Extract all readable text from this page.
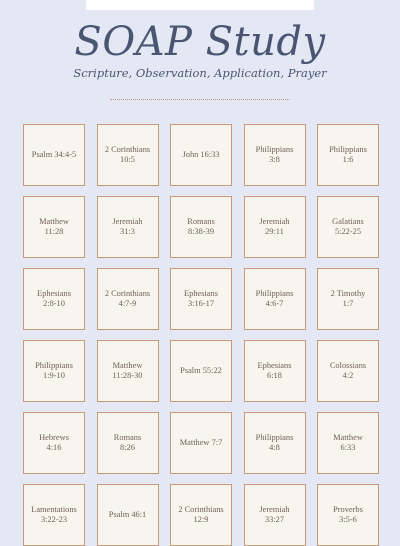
SOAP Study
Scripture, Observation, Application, Prayer
Psalm 34:4-5
2 Corinthians
10:5
John 16:33
Philippians
3:8
Philippians
1:6
Matthew
11:28
Jeremiah
31:3
Romans
8:38-39
Jeremiah
29:11
Galatians
5:22-25
Ephesians
2:8-10
2 Corinthians
4:7-9
Ephesians
3:16-17
Philippians
4:6-7
2 Timothy
1:7
Philippians
1:9-10
Matthew
11:28-30
Psalm 55:22
Ephesians
6:18
Colossians
4:2
Hebrews
4:16
Romans
8:26
Matthew 7:7
Philippians
4:8
Matthew
6:33
Lamentations
3:22-23
Psalm 46:1
2 Corinthians
12:9
Jeremiah
33:27
Proverbs
3:5-6
